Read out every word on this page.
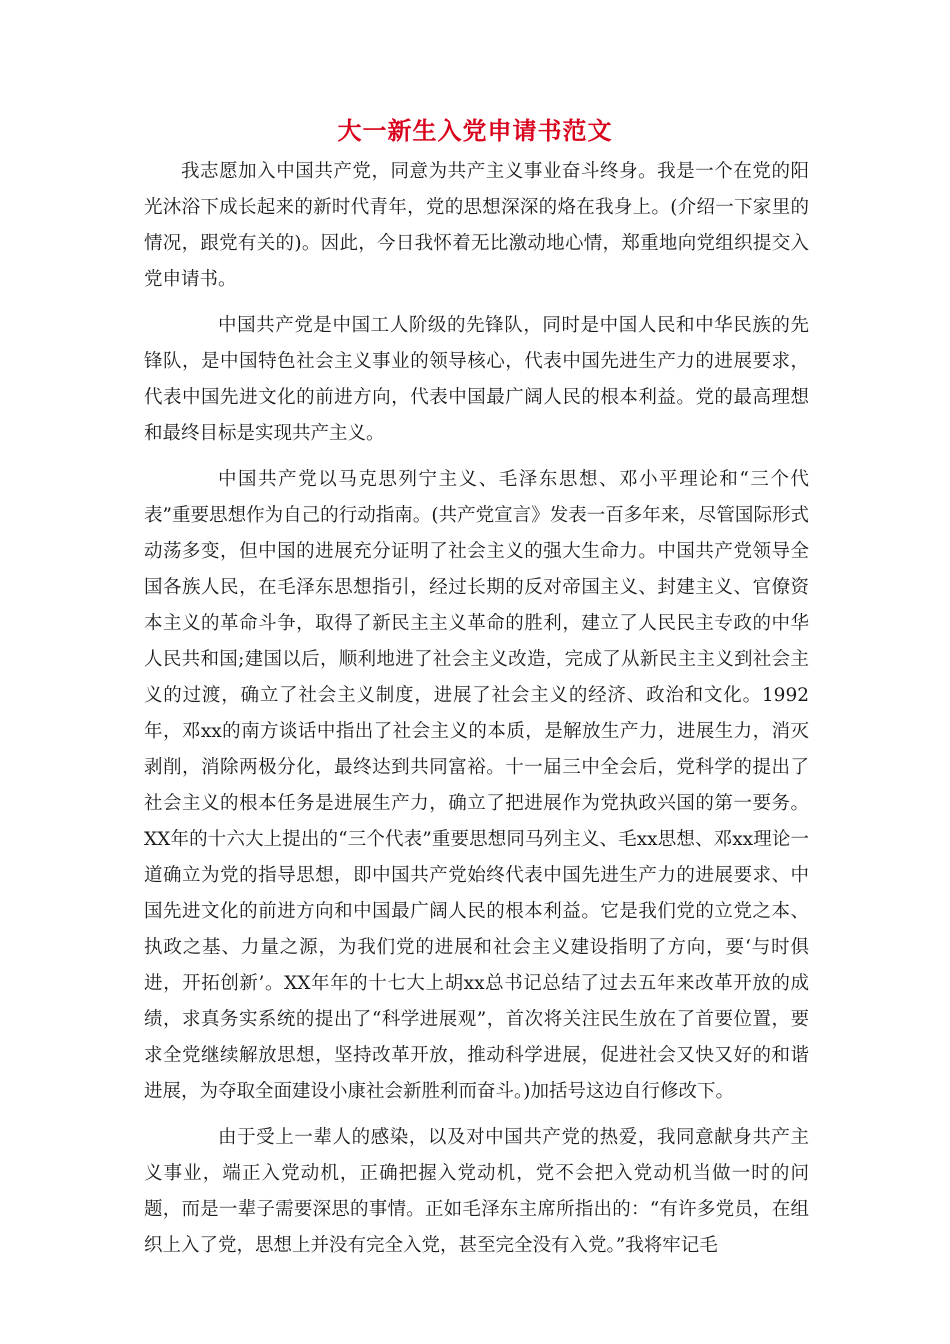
大一新生入党申请书范文

我志愿加入中国共产党，同意为共产主义事业奋斗终身。我是一个在党的阳光沐浴下成长起来的新时代青年，党的思想深深的烙在我身上。(介绍一下家里的情况，跟党有关的)。因此，今日我怀着无比激动地心情，郑重地向党组织提交入党申请书。

中国共产党是中国工人阶级的先锋队，同时是中国人民和中华民族的先锋队，是中国特色社会主义事业的领导核心，代表中国先进生产力的进展要求，代表中国先进文化的前进方向，代表中国最广阔人民的根本利益。党的最高理想和最终目标是实现共产主义。

中国共产党以马克思列宁主义、毛泽东思想、邓小平理论和“三个代表”重要思想作为自己的行动指南。(共产党宣言》发表一百多年来，尽管国际形式动荡多变，但中国的进展充分证明了社会主义的强大生命力。中国共产党领导全国各族人民，在毛泽东思想指引，经过长期的反对帝国主义、封建主义、官僚资本主义的革命斗争，取得了新民主主义革命的胜利，建立了人民民主专政的中华人民共和国;建国以后，顺利地进了社会主义改造，完成了从新民主主义到社会主义的过渡，确立了社会主义制度，进展了社会主义的经济、政治和文化。1992年，邓xx的南方谈话中指出了社会主义的本质，是解放生产力，进展生力，消灭剥削，消除两极分化，最终达到共同富裕。十一届三中全会后，党科学的提出了社会主义的根本任务是进展生产力，确立了把进展作为党执政兴国的第一要务。XX年的十六大上提出的“三个代表”重要思想同马列主义、毛xx思想、邓xx理论一道确立为党的指导思想，即中国共产党始终代表中国先进生产力的进展要求、中国先进文化的前进方向和中国最广阔人民的根本利益。它是我们党的立党之本、执政之基、力量之源，为我们党的进展和社会主义建设指明了方向，要‘与时俱进，开拓创新’。XX年年的十七大上胡xx总书记总结了过去五年来改革开放的成绩，求真务实系统的提出了“科学进展观”，首次将关注民生放在了首要位置，要求全党继续解放思想，坚持改革开放，推动科学进展，促进社会又快又好的和谐进展，为夺取全面建设小康社会新胜利而奋斗。)加括号这边自行修改下。

由于受上一辈人的感染，以及对中国共产党的热爱，我同意献身共产主义事业，端正入党动机，正确把握入党动机，党不会把入党动机当做一时的问题，而是一辈子需要深思的事情。正如毛泽东主席所指出的：“有许多党员，在组织上入了党，思想上并没有完全入党，甚至完全没有入党。”我将牢记毛
